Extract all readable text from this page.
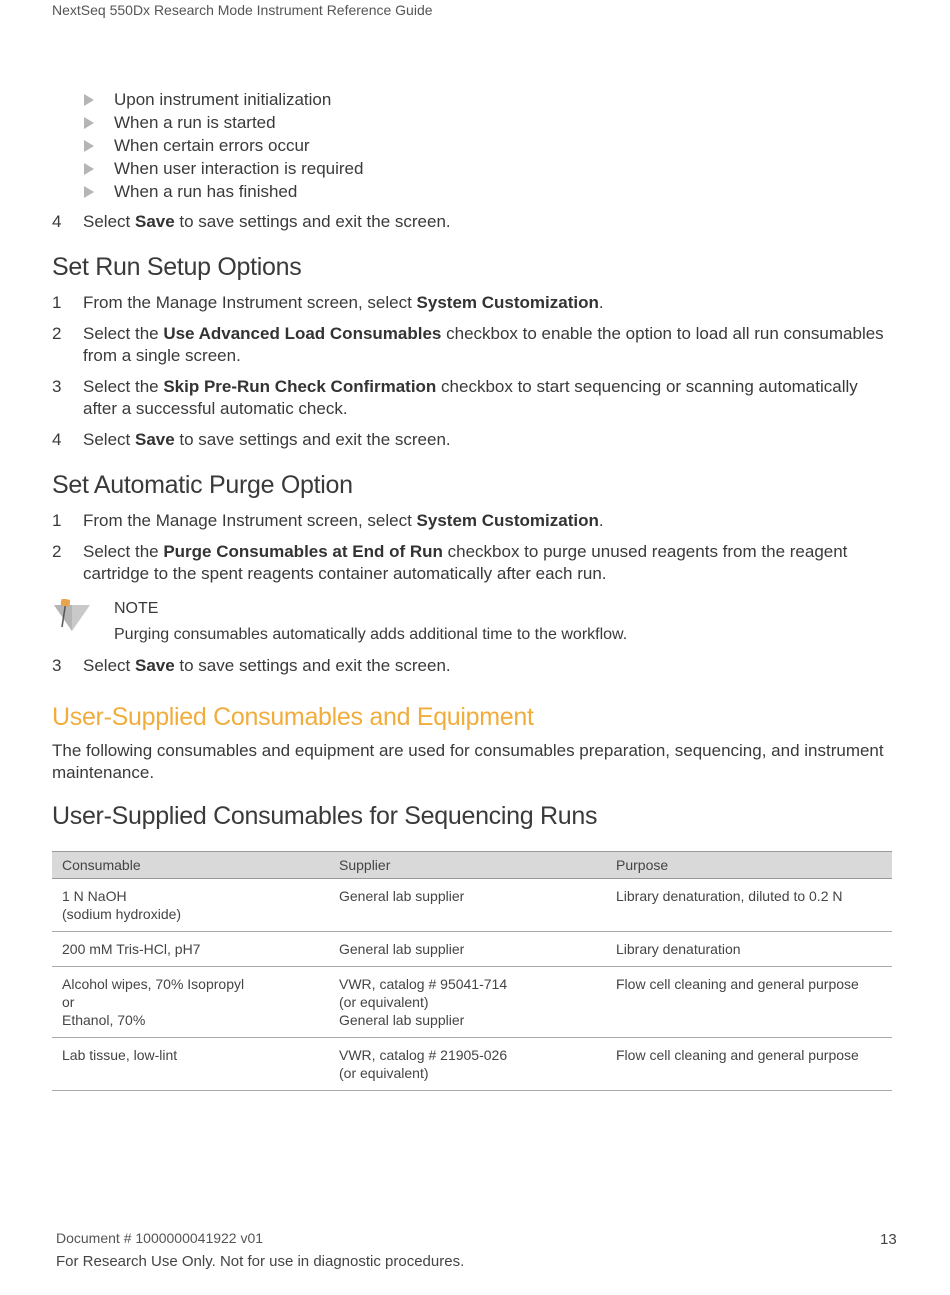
NextSeq 550Dx Research Mode Instrument Reference Guide
Upon instrument initialization
When a run is started
When certain errors occur
When user interaction is required
When a run has finished
4	Select Save to save settings and exit the screen.
Set Run Setup Options
1	From the Manage Instrument screen, select System Customization.
2	Select the Use Advanced Load Consumables checkbox to enable the option to load all run consumables from a single screen.
3	Select the Skip Pre-Run Check Confirmation checkbox to start sequencing or scanning automatically after a successful automatic check.
4	Select Save to save settings and exit the screen.
Set Automatic Purge Option
1	From the Manage Instrument screen, select System Customization.
2	Select the Purge Consumables at End of Run checkbox to purge unused reagents from the reagent cartridge to the spent reagents container automatically after each run.
NOTE
Purging consumables automatically adds additional time to the workflow.
3	Select Save to save settings and exit the screen.
User-Supplied Consumables and Equipment

The following consumables and equipment are used for consumables preparation, sequencing, and instrument maintenance.

User-Supplied Consumables for Sequencing Runs
Consumable	Supplier	Purpose

1 N NaOH
(sodium hydroxide)	General lab supplier	Library denaturation, diluted to 0.2 N

200 mM Tris-HCl, pH7	General lab supplier	Library denaturation

Alcohol wipes, 70% Isopropyl
or
Ethanol, 70%	VWR, catalog # 95041-714
(or equivalent)
General lab supplier	Flow cell cleaning and general purpose

Lab tissue, low-lint	VWR, catalog # 21905-026
(or equivalent)	Flow cell cleaning and general purpose
Document # 1000000041922 v01
For Research Use Only. Not for use in diagnostic procedures.
13
